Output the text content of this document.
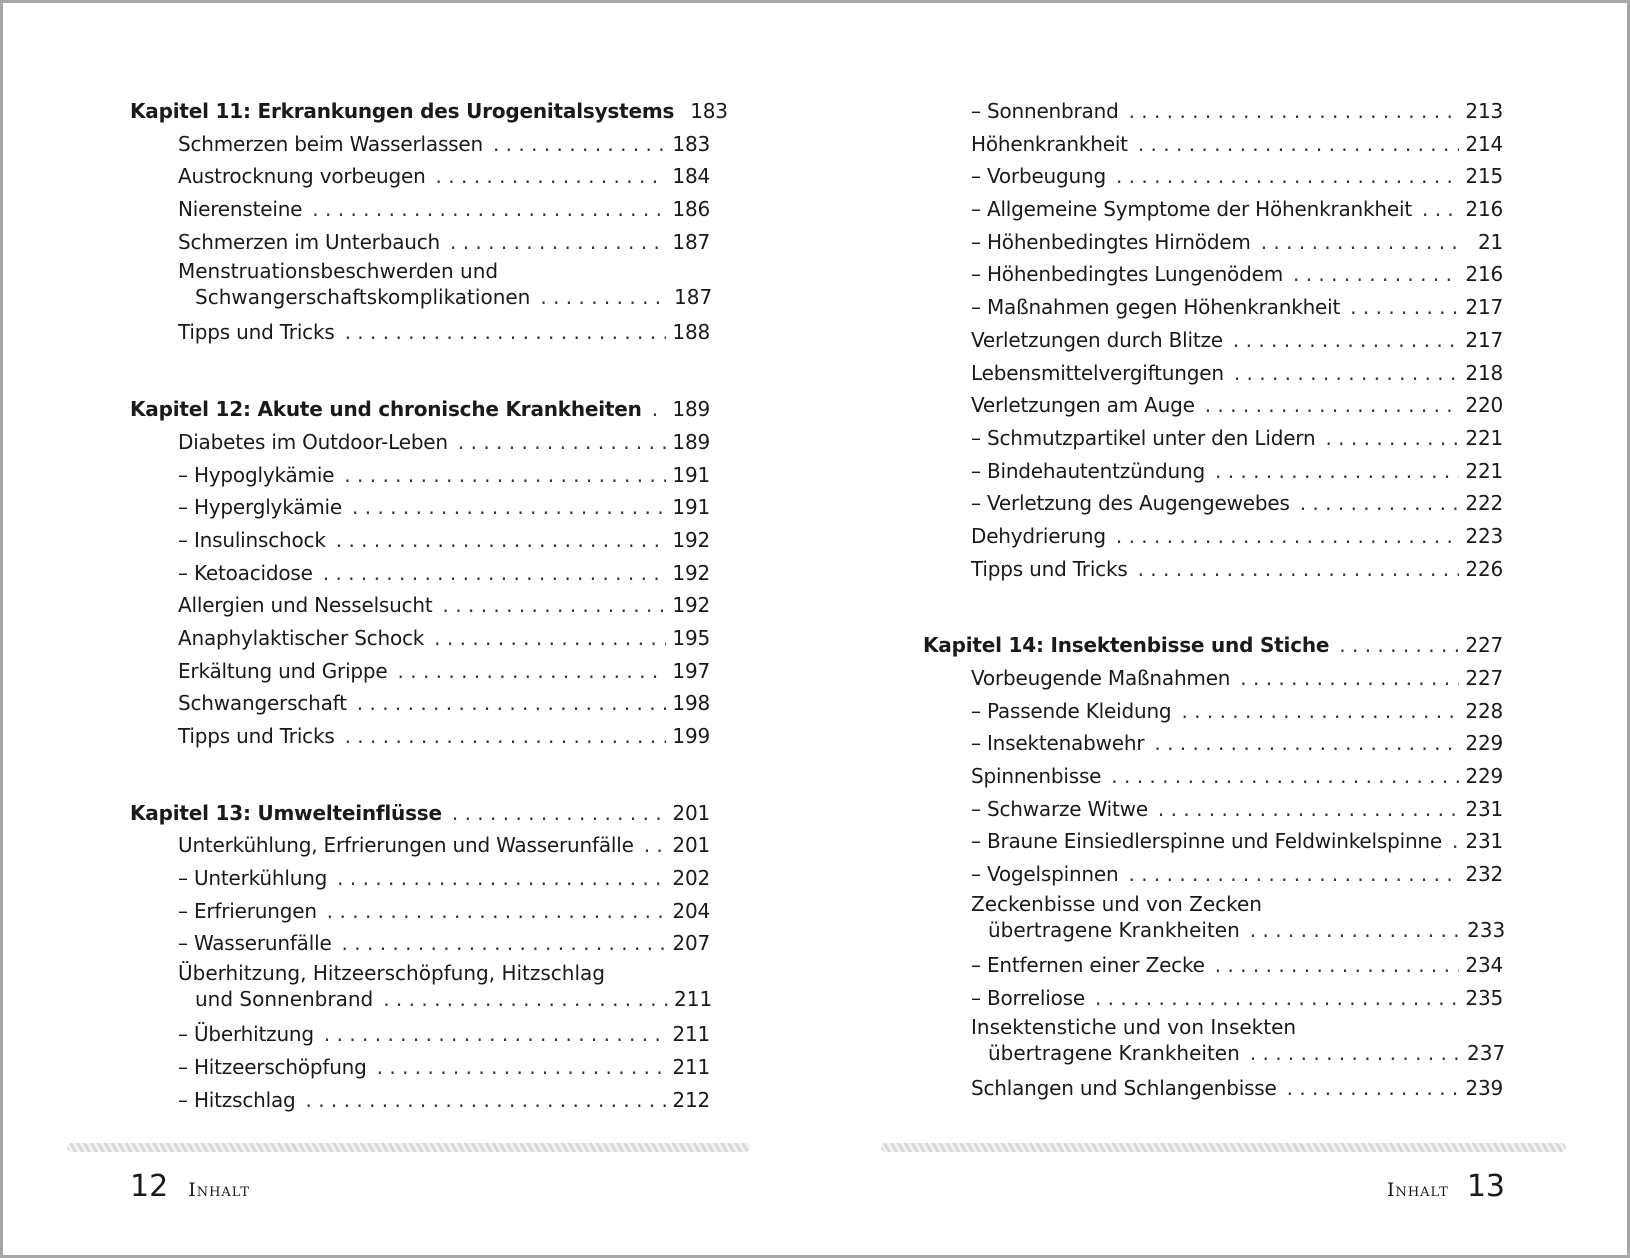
Kapitel 11: Erkrankungen des Urogenitalsystems 183
Schmerzen beim Wasserlassen . . .	183
Austrocknung vorbeugen . . .	184
Nierensteine . . .	186
Schmerzen im Unterbauch . . .	187
Menstruationsbeschwerden und
Schwangerschaftskomplikationen . . .	187
Tipps und Tricks . . .	188
Kapitel 12: Akute und chronische Krankheiten . . . 189
Diabetes im Outdoor-Leben . . .	189
– Hypoglykämie . . .	191
– Hyperglykämie . . .	191
– Insulinschock . . .	192
– Ketoacidose . . .	192
Allergien und Nesselsucht . . .	192
Anaphylaktischer Schock . . .	195
Erkältung und Grippe . . .	197
Schwangerschaft . . .	198
Tipps und Tricks . . .	199
Kapitel 13: Umwelteinflüsse . . .	201
Unterkühlung, Erfrierungen und Wasserunfälle . . . 201
– Unterkühlung . . .	202
– Erfrierungen . . .	204
– Wasserunfälle . . .	207
Überhitzung, Hitzeerschöpfung, Hitzschlag
und Sonnenbrand . . .	211
– Überhitzung . . .	211
– Hitzeerschöpfung . . .	211
– Hitzschlag . . .	212
12 Inhalt
– Sonnenbrand . . .	213
Höhenkrankheit . . .	214
– Vorbeugung . . .	215
– Allgemeine Symptome der Höhenkrankheit . . .	216
– Höhenbedingtes Hirnödem . . .	21
– Höhenbedingtes Lungenödem . . .	216
– Maßnahmen gegen Höhenkrankheit . . .	217
Verletzungen durch Blitze . . .	217
Lebensmittelvergiftungen . . .	218
Verletzungen am Auge . . .	220
– Schmutzpartikel unter den Lidern . . .	221
– Bindehautentzündung . . .	221
– Verletzung des Augengewebes . . .	222
Dehydrierung . . .	223
Tipps und Tricks . . .	226
Kapitel 14: Insektenbisse und Stiche . . .	227
Vorbeugende Maßnahmen . . .	227
– Passende Kleidung . . .	228
– Insektenabwehr . . .	229
Spinnenbisse . . .	229
– Schwarze Witwe . . .	231
– Braune Einsiedlerspinne und Feldwinkelspinne . . . 231
– Vogelspinnen . . .	232
Zeckenbisse und von Zecken
übertragene Krankheiten . . .	233
– Entfernen einer Zecke . . .	234
– Borreliose . . .	235
Insektenstiche und von Insekten
übertragene Krankheiten . . .	237
Schlangen und Schlangenbisse . . .	239
Inhalt 13
